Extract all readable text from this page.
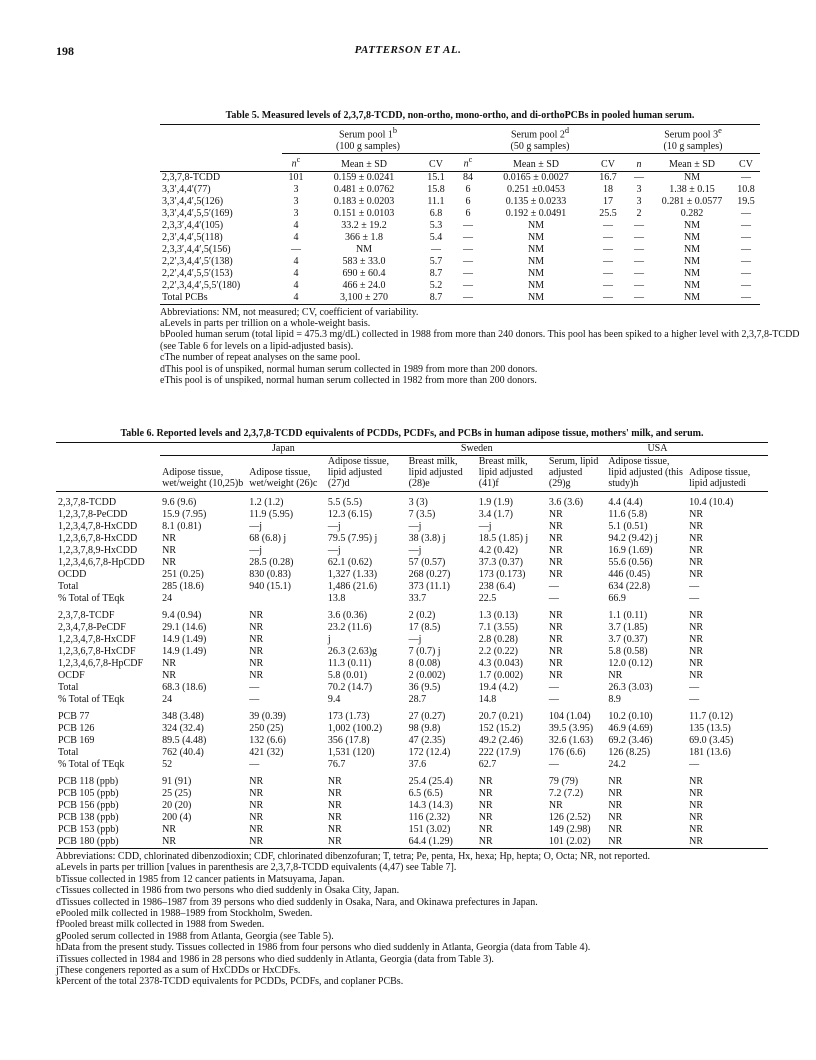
198	PATTERSON ET AL.
Table 5. Measured levels of 2,3,7,8-TCDD, non-ortho, mono-ortho, and di-orthoPCBs in pooled human serum.
	Serum pool 1$^b$
(100 g samples)			Serum pool 2$^d$
(50 g samples)			Serum pool 3e
(10 g samples)		

	$n^c$	Mean ± SD	CV	$n^c$	Mean ± SD	CV	n	Mean ± SD	CV
2,3,7,8-TCDD	101	0.159 ± 0.0241	15.1	84	0.0165 ± 0.0027	16.7	—	NM	—
3,3′,4,4′(77)	3	0.481 ± 0.0762	15.8	6	0.251 ±0.0453	18	3	1.38 ± 0.15	10.8
3,3′,4,4′,5(126)	3	0.183 ± 0.0203	11.1	6	0.135 ± 0.0233	17	3	0.281 ± 0.0577	19.5
3,3′,4,4′,5,5′(169)	3	0.151 ± 0.0103	6.8	6	0.192 ± 0.0491	25.5	2	0.282	—
2,3,3′,4,4′(105)	4	33.2 ± 19.2	5.3	—	NM	—	—	NM	—
2,3′,4,4′,5(118)	4	366 ± 1.8	5.4	—	NM	—	—	NM	—
2,3,3′,4,4′,5(156)	—	NM	—	—	NM	—	—	NM	—
2,2′,3,4,4′,5′(138)	4	583 ± 33.0	5.7	—	NM	—	—	NM	—
2,2′,4,4′,5,5′(153)	4	690 ± 60.4	8.7	—	NM	—	—	NM	—
2,2′,3,4,4′,5,5′(180)	4	466 ± 24.0	5.2	—	NM	—	—	NM	—
Total PCBs	4	3,100 ± 270	8.7	—	NM	—	—	NM	—
Abbreviations: NM, not measured; CV, coefficient of variability.
aLevels in parts per trillion on a whole-weight basis.
bPooled human serum (total lipid = 475.3 mg/dL) collected in 1988 from more than 240 donors. This pool has been spiked to a higher level with 2,3,7,8-TCDD
(see Table 6 for levels on a lipid-adjusted basis).
cThe number of repeat analyses on the same pool.
dThis pool is of unspiked, normal human serum collected in 1989 from more than 200 donors.
eThis pool is of unspiked, normal human serum collected in 1982 from more than 200 donors.
Table 6. Reported levels and 2,3,7,8-TCDD equivalents of PCDDs, PCDFs, and PCBs in human adipose tissue, mothers' milk, and serum.
	Japan			Sweden		USA		
	Adipose tissue, wet/weight (10,25)b	Adipose tissue, wet/weight (26)c	Adipose tissue, lipid adjusted (27)d	Breast milk, lipid adjusted (28)e	Breast milk, lipid adjusted (41)f	Serum, lipid adjusted (29)g	Adipose tissue, lipid adjusted (this study)h	Adipose tissue, lipid adjustedi

2,3,7,8-TCDD	9.6 (9.6)	1.2 (1.2)	5.5 (5.5)	3 (3)	1.9 (1.9)	3.6 (3.6)	4.4 (4.4)	10.4 (10.4)
1,2,3,7,8-PeCDD	15.9 (7.95)	11.9 (5.95)	12.3 (6.15)	7 (3.5)	3.4 (1.7)	NR	11.6 (5.8)	NR
1,2,3,4,7,8-HxCDD	8.1 (0.81)	—j	—j	—j	—j	NR	5.1 (0.51)	NR
1,2,3,6,7,8-HxCDD	NR	68 (6.8) j	79.5 (7.95) j	38 (3.8) j	18.5 (1.85) j	NR	94.2 (9.42) j	NR
1,2,3,7,8,9-HxCDD	NR	—j	—j	—j	4.2 (0.42)	NR	16.9 (1.69)	NR
1,2,3,4,6,7,8-HpCDD	NR	28.5 (0.28)	62.1 (0.62)	57 (0.57)	37.3 (0.37)	NR	55.6 (0.56)	NR
OCDD	251 (0.25)	830 (0.83)	1,327 (1.33)	268 (0.27)	173 (0.173)	NR	446 (0.45)	NR
Total	285 (18.6)	940 (15.1)	1,486 (21.6)	373 (11.1)	238 (6.4)	—	634 (22.8)	—
% Total of TEqk	24		13.8	33.7	22.5	—	66.9	—

2,3,7,8-TCDF	9.4 (0.94)	NR	3.6 (0.36)	2 (0.2)	1.3 (0.13)	NR	1.1 (0.11)	NR
2,3,4,7,8-PeCDF	29.1 (14.6)	NR	23.2 (11.6)	17 (8.5)	7.1 (3.55)	NR	3.7 (1.85)	NR
1,2,3,4,7,8-HxCDF	14.9 (1.49)	NR	j	—j	2.8 (0.28)	NR	3.7 (0.37)	NR
1,2,3,6,7,8-HxCDF	14.9 (1.49)	NR	26.3 (2.63)g	7 (0.7) j	2.2 (0.22)	NR	5.8 (0.58)	NR
1,2,3,4,6,7,8-HpCDF	NR	NR	11.3 (0.11)	8 (0.08)	4.3 (0.043)	NR	12.0 (0.12)	NR
OCDF	NR	NR	5.8 (0.01)	2 (0.002)	1.7 (0.002)	NR	NR	NR
Total	68.3 (18.6)	—	70.2 (14.7)	36 (9.5)	19.4 (4.2)	—	26.3 (3.03)	—
% Total of TEqk	24	—	9.4	28.7	14.8	—	8.9	—

PCB 77	348 (3.48)	39 (0.39)	173 (1.73)	27 (0.27)	20.7 (0.21)	104 (1.04)	10.2 (0.10)	11.7 (0.12)
PCB 126	324 (32.4)	250 (25)	1,002 (100.2)	98 (9.8)	152 (15.2)	39.5 (3.95)	46.9 (4.69)	135 (13.5)
PCB 169	89.5 (4.48)	132 (6.6)	356 (17.8)	47 (2.35)	49.2 (2.46)	32.6 (1.63)	69.2 (3.46)	69.0 (3.45)
Total	762 (40.4)	421 (32)	1,531 (120)	172 (12.4)	222 (17.9)	176 (6.6)	126 (8.25)	181 (13.6)
% Total of TEqk	52	—	76.7	37.6	62.7	—	24.2	—

PCB 118 (ppb)	91 (91)	NR	NR	25.4 (25.4)	NR	79 (79)	NR	NR
PCB 105 (ppb)	25 (25)	NR	NR	6.5 (6.5)	NR	7.2 (7.2)	NR	NR
PCB 156 (ppb)	20 (20)	NR	NR	14.3 (14.3)	NR	NR	NR	NR
PCB 138 (ppb)	200 (4)	NR	NR	116 (2.32)	NR	126 (2.52)	NR	NR
PCB 153 (ppb)	NR	NR	NR	151 (3.02)	NR	149 (2.98)	NR	NR
PCB 180 (ppb)	NR	NR	NR	64.4 (1.29)	NR	101 (2.02)	NR	NR
Abbreviations: CDD, chlorinated dibenzodioxin; CDF, chlorinated dibenzofuran; T, tetra; Pe, penta, Hx, hexa; Hp, hepta; O, Octa; NR, not reported.
aLevels in parts per trillion [values in parenthesis are 2,3,7,8-TCDD equivalents (4,47) see Table 7].
bTissue collected in 1985 from 12 cancer patients in Matsuyama, Japan.
cTissues collected in 1986 from two persons who died suddenly in Osaka City, Japan.
dTissues collected in 1986–1987 from 39 persons who died suddenly in Osaka, Nara, and Okinawa prefectures in Japan.
ePooled milk collected in 1988–1989 from Stockholm, Sweden.
fPooled breast milk collected in 1988 from Sweden.
gPooled serum collected in 1988 from Atlanta, Georgia (see Table 5).
hData from the present study. Tissues collected in 1986 from four persons who died suddenly in Atlanta, Georgia (data from Table 4).
iTissues collected in 1984 and 1986 in 28 persons who died suddenly in Atlanta, Georgia (data from Table 3).
jThese congeners reported as a sum of HxCDDs or HxCDFs.
kPercent of the total 2378-TCDD equivalents for PCDDs, PCDFs, and coplaner PCBs.
